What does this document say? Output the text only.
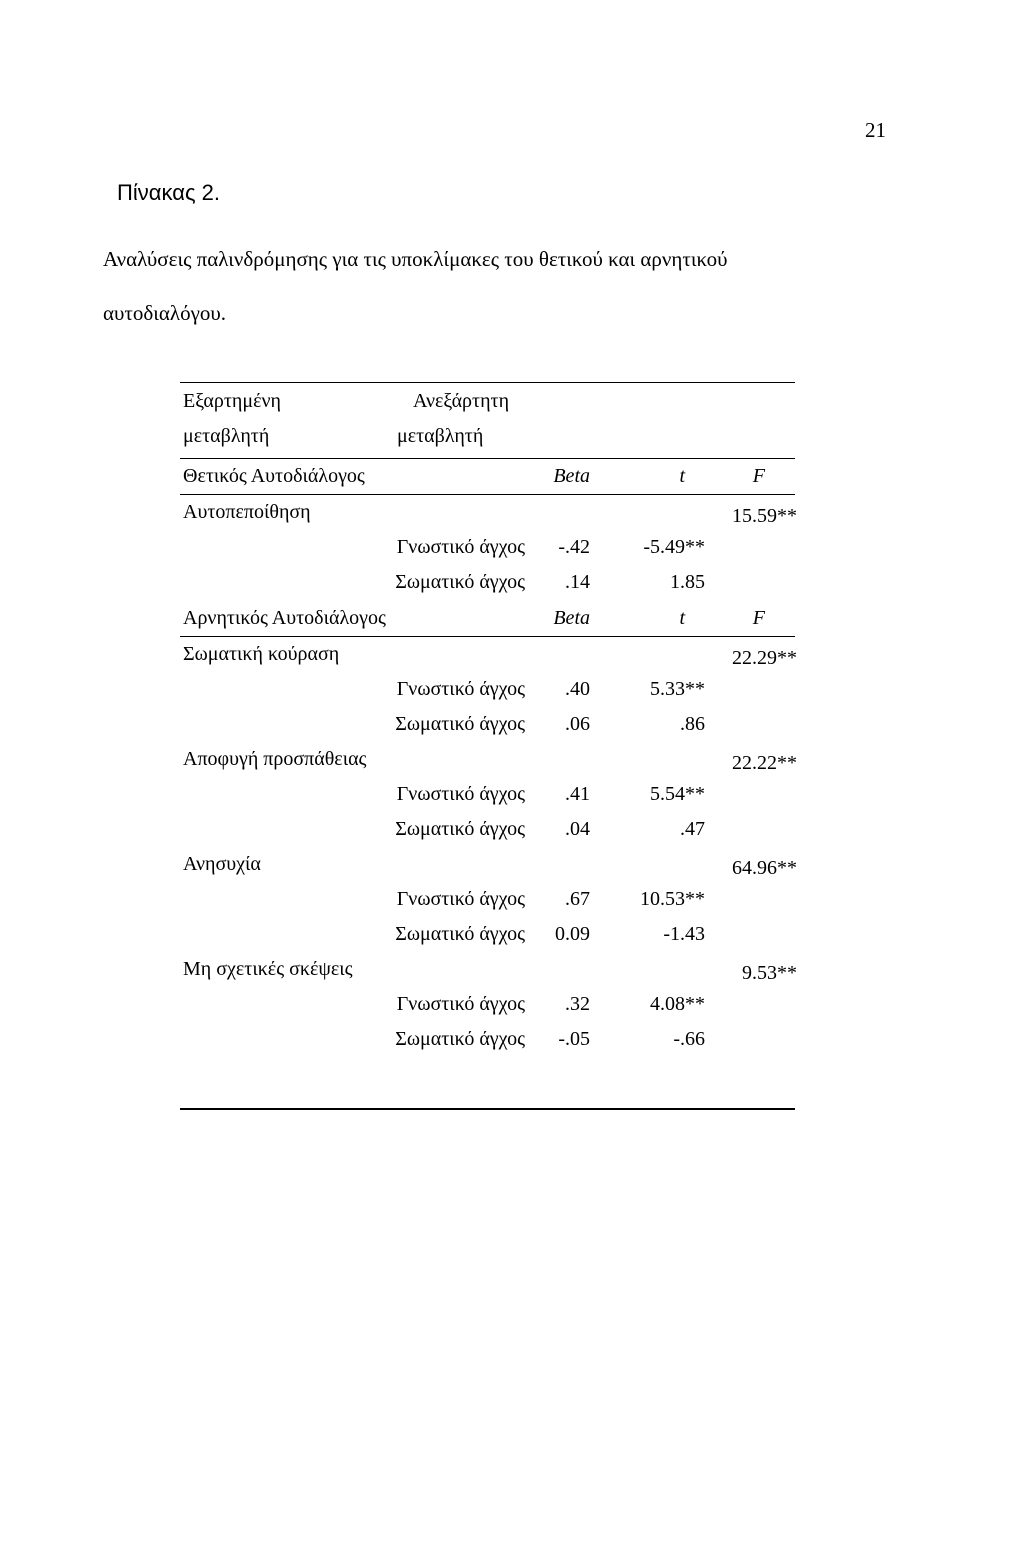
21
Πίνακας 2.
Αναλύσεις παλινδρόμησης για τις υποκλίμακες του θετικού και αρνητικού
αυτοδιαλόγου.
Εξαρτημένη	Ανεξάρτητη
μεταβλητή	μεταβλητή
Θετικός Αυτοδιάλογος	Beta	t	F
Αυτοπεποίθηση	15.59**
Γνωστικό άγχος -.42	-5.49**
Σωματικό άγχος .14	1.85
Αρνητικός Αυτοδιάλογος	Beta	t	F
Σωματική κούραση	22.29**
Γνωστικό άγχος .40	5.33**
Σωματικό άγχος .06	.86
Αποφυγή προσπάθειας	22.22**
Γνωστικό άγχος .41	5.54**
Σωματικό άγχος .04	.47
Ανησυχία	64.96**
Γνωστικό άγχος .67	10.53**
Σωματικό άγχος 0.09	-1.43
Μη σχετικές σκέψεις	9.53**
Γνωστικό άγχος .32	4.08**
Σωματικό άγχος -.05	-.66
